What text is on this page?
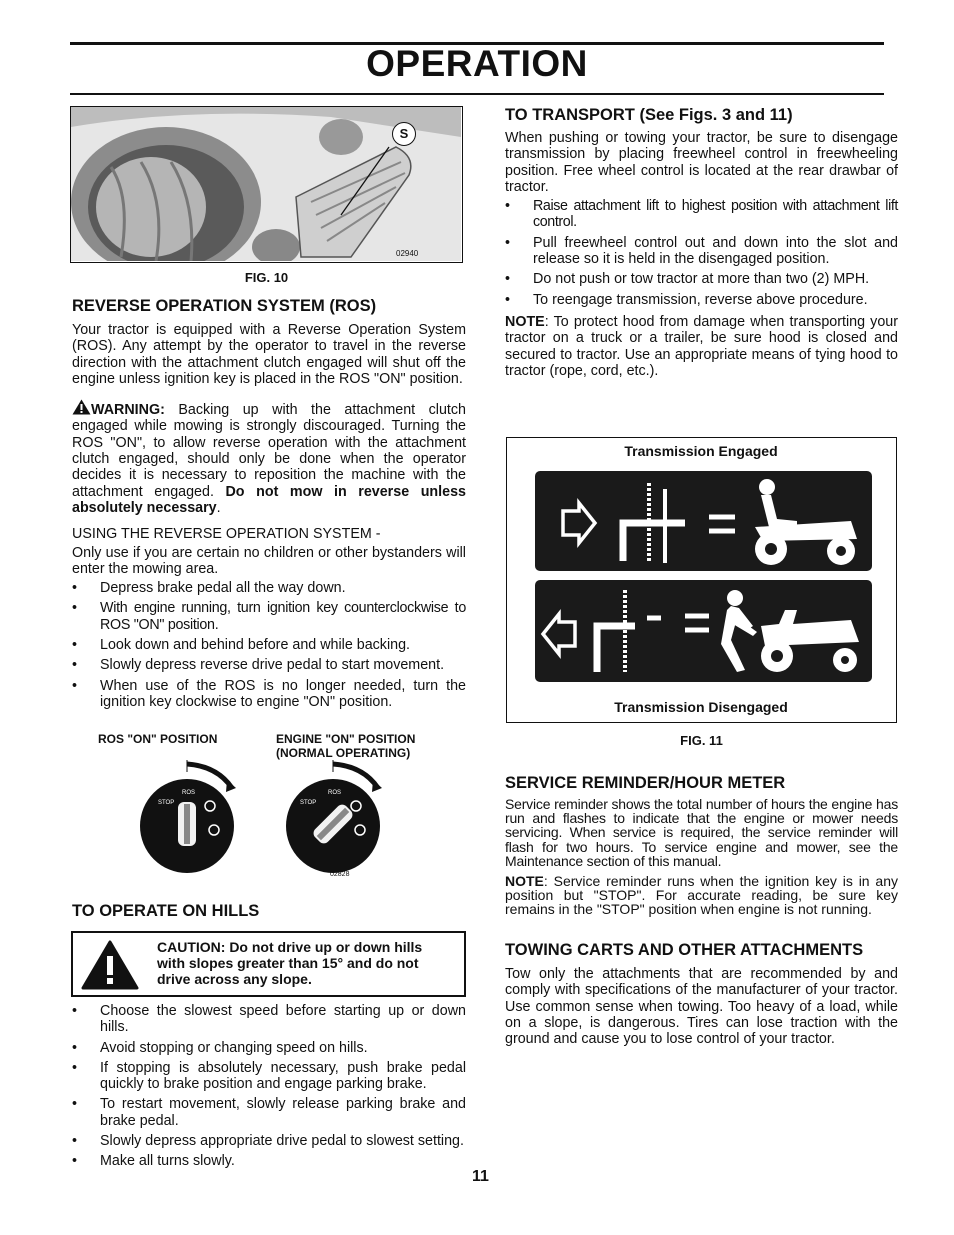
OPERATION
S
02940
FIG. 10
REVERSE OPERATION SYSTEM (ROS)

Your tractor is equipped with a Reverse Operation System (ROS). Any attempt by the operator to travel in the reverse direction with the attachment clutch engaged will shut off the engine unless ignition key is placed in the ROS "ON" position.

WARNING: Backing up with the attachment clutch engaged while mowing is strongly discouraged. Turning the ROS "ON", to allow reverse operation with the attachment clutch engaged, should only be done when the operator decides it is necessary to reposition the machine with the attachment engaged. Do not mow in reverse unless absolutely necessary.

USING THE REVERSE OPERATION SYSTEM -

Only use if you are certain no children or other bystanders will enter the mowing area.

• Depress brake pedal all the way down.
• With engine running, turn ignition key counterclockwise to ROS "ON" position.
• Look down and behind before and while backing.
• Slowly depress reverse drive pedal to start movement.
• When use of the ROS is no longer needed, turn the ignition key clockwise to engine "ON" position.
ROS "ON" POSITION	ENGINE "ON" POSITION
(NORMAL OPERATING)
STOP
ROS
STOP
ROS
02828
TO OPERATE ON HILLS
CAUTION: Do not drive up or down hills with slopes greater than 15° and do not drive across any slope.
• Choose the slowest speed before starting up or down hills.
• Avoid stopping or changing speed on hills.
• If stopping is absolutely necessary, push brake pedal quickly to brake position and engage parking brake.
• To restart movement, slowly release parking brake and brake pedal.
• Slowly depress appropriate drive pedal to slowest setting.
• Make all turns slowly.
11
TO TRANSPORT (See Figs. 3 and 11)

When pushing or towing your tractor, be sure to disengage transmission by placing freewheel control in freewheeling position. Free wheel control is located at the rear drawbar of tractor.

• Raise attachment lift to highest position with attachment lift control.
• Pull freewheel control out and down into the slot and release so it is held in the disengaged position.
• Do not push or tow tractor at more than two (2) MPH.
• To reengage transmission, reverse above procedure.

NOTE: To protect hood from damage when transporting your tractor on a truck or a trailer, be sure hood is closed and secured to tractor. Use an appropriate means of tying hood to tractor (rope, cord, etc.).

Transmission Engaged
Transmission Disengaged
FIG. 11
SERVICE REMINDER/HOUR METER

Service reminder shows the total number of hours the engine has run and flashes to indicate that the engine or mower needs servicing. When service is required, the service reminder will flash for two hours. To service engine and mower, see the Maintenance section of this manual.

NOTE: Service reminder runs when the ignition key is in any position but "STOP". For accurate reading, be sure key remains in the "STOP" position when engine is not running.

TOWING CARTS AND OTHER ATTACHMENTS

Tow only the attachments that are recommended by and comply with specifications of the manufacturer of your tractor. Use common sense when towing. Too heavy of a load, while on a slope, is dangerous. Tires can lose traction with the ground and cause you to lose control of your tractor.
